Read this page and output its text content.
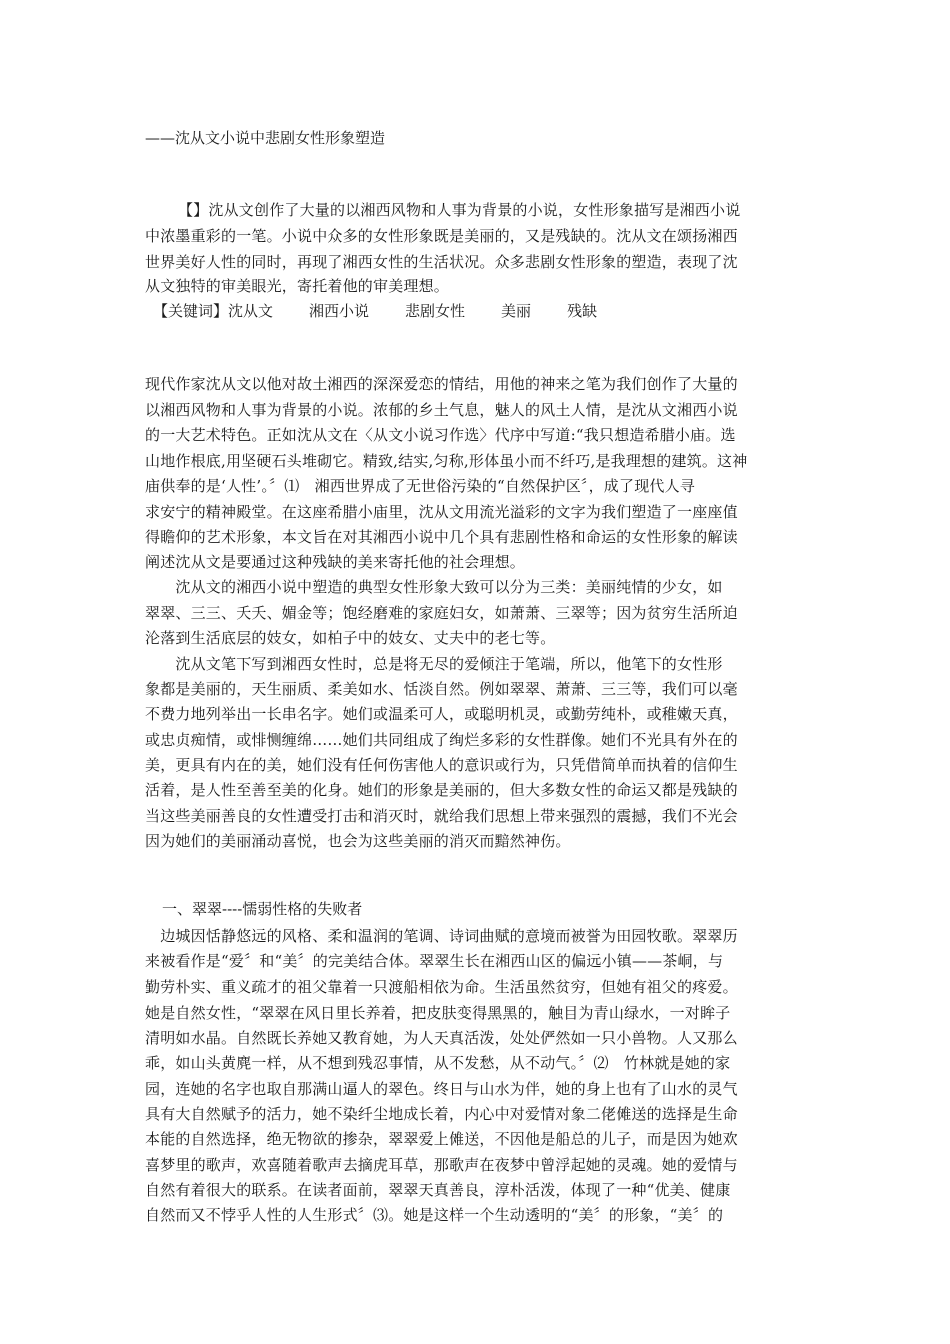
——沈从文小说中悲剧女性形象塑造
【】沈从文创作了大量的以湘西风物和人事为背景的小说，女性形象描写是湘西小说
中浓墨重彩的一笔。小说中众多的女性形象既是美丽的，又是残缺的。沈从文在颂扬湘西
世界美好人性的同时，再现了湘西女性的生活状况。众多悲剧女性形象的塑造，表现了沈
从文独特的审美眼光，寄托着他的审美理想。
【关键词】沈从文 湘西小说 悲剧女性 美丽 残缺
现代作家沈从文以他对故土湘西的深深爱恋的情结，用他的神来之笔为我们创作了大量的
以湘西风物和人事为背景的小说。浓郁的乡土气息，魅人的风土人情，是沈从文湘西小说
的一大艺术特色。正如沈从文在〈从文小说习作选〉代序中写道:“我只想造希腊小庙。选
山地作根底,用坚硬石头堆砌它。精致,结实,匀称,形体虽小而不纤巧,是我理想的建筑。这神
庙供奉的是‘人性’。〞⑴　湘西世界成了无世俗污染的“自然保护区〞，成了现代人寻
求安宁的精神殿堂。在这座希腊小庙里，沈从文用流光溢彩的文字为我们塑造了一座座值
得瞻仰的艺术形象，本文旨在对其湘西小说中几个具有悲剧性格和命运的女性形象的解读
阐述沈从文是要通过这种残缺的美来寄托他的社会理想。
　　沈从文的湘西小说中塑造的典型女性形象大致可以分为三类：美丽纯情的少女，如
翠翠、三三、夭夭、媚金等；饱经磨难的家庭妇女，如萧萧、三翠等；因为贫穷生活所迫
沦落到生活底层的妓女，如柏子中的妓女、丈夫中的老七等。
　　沈从文笔下写到湘西女性时，总是将无尽的爱倾注于笔端，所以，他笔下的女性形
象都是美丽的，天生丽质、柔美如水、恬淡自然。例如翠翠、萧萧、三三等，我们可以毫
不费力地列举出一长串名字。她们或温柔可人，或聪明机灵，或勤劳纯朴，或稚嫩天真，
或忠贞痴情，或悱恻缠绵……她们共同组成了绚烂多彩的女性群像。她们不光具有外在的
美，更具有内在的美，她们没有任何伤害他人的意识或行为，只凭借简单而执着的信仰生
活着，是人性至善至美的化身。她们的形象是美丽的，但大多数女性的命运又都是残缺的
当这些美丽善良的女性遭受打击和消灭时，就给我们思想上带来强烈的震撼，我们不光会
因为她们的美丽涌动喜悦，也会为这些美丽的消灭而黯然神伤。
一、翠翠----懦弱性格的失败者
　边城因恬静悠远的风格、柔和温润的笔调、诗词曲赋的意境而被誉为田园牧歌。翠翠历
来被看作是“爱〞和“美〞的完美结合体。翠翠生长在湘西山区的偏远小镇——茶峒，与
勤劳朴实、重义疏才的祖父靠着一只渡船相依为命。生活虽然贫穷，但她有祖父的疼爱。
她是自然女性，“翠翠在风日里长养着，把皮肤变得黑黑的，触目为青山绿水，一对眸子
清明如水晶。自然既长养她又教育她，为人天真活泼，处处俨然如一只小兽物。人又那么
乖，如山头黄麂一样，从不想到残忍事情，从不发愁，从不动气。〞⑵　竹林就是她的家
园，连她的名字也取自那满山逼人的翠色。终日与山水为伴，她的身上也有了山水的灵气
具有大自然赋予的活力，她不染纤尘地成长着，内心中对爱情对象二佬傩送的选择是生命
本能的自然选择，绝无物欲的掺杂，翠翠爱上傩送，不因他是船总的儿子，而是因为她欢
喜梦里的歌声，欢喜随着歌声去摘虎耳草，那歌声在夜梦中曾浮起她的灵魂。她的爱情与
自然有着很大的联系。在读者面前，翠翠天真善良，淳朴活泼，体现了一种“优美、健康
自然而又不悖乎人性的人生形式〞⑶。她是这样一个生动透明的“美〞的形象，“美〞的
